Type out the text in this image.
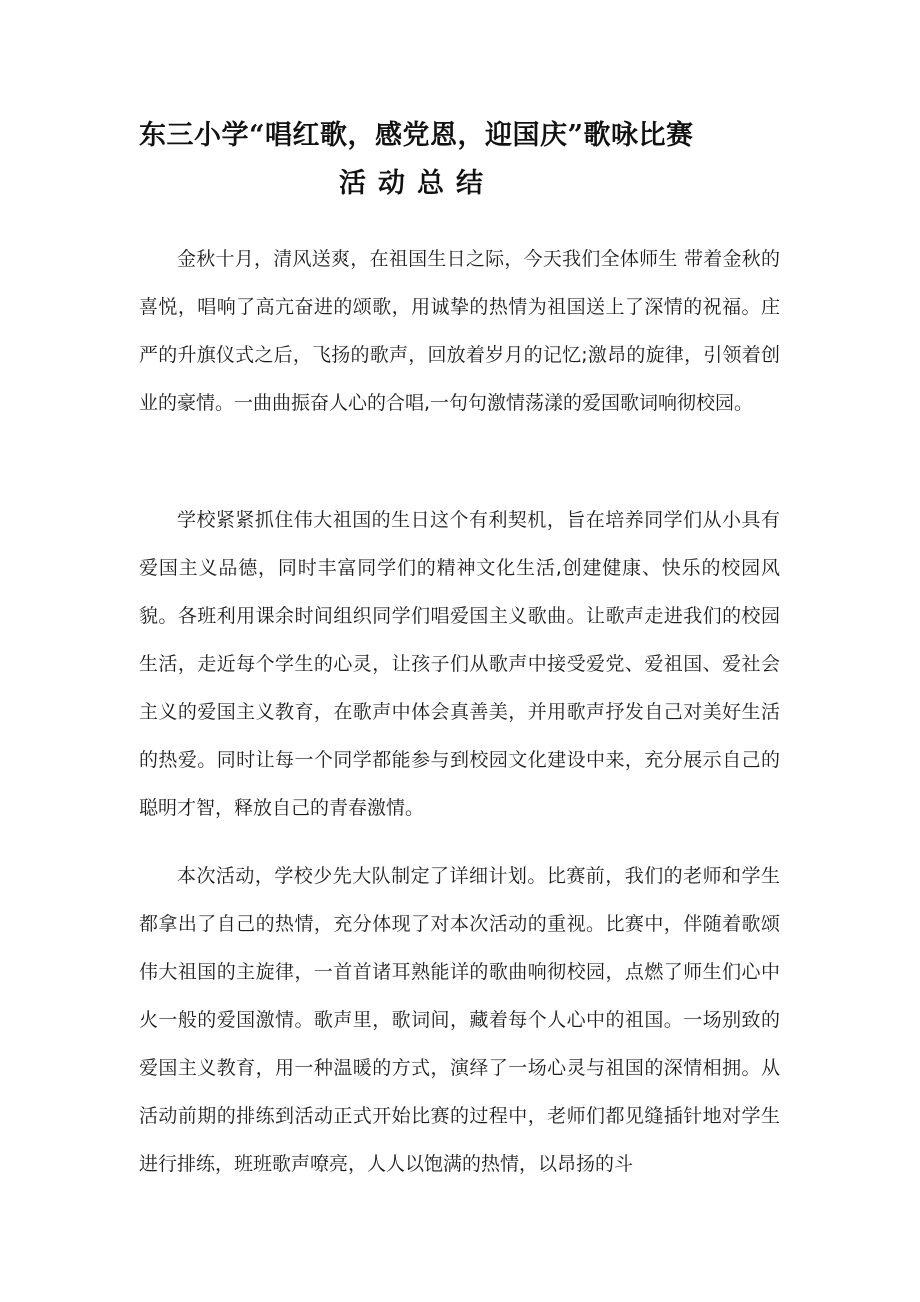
东三小学“唱红歌，感党恩，迎国庆”歌咏比赛
活动总结

金秋十月，清风送爽，在祖国生日之际，今天我们全体师生 带着金秋的喜悦，唱响了高亢奋进的颂歌，用诚挚的热情为祖国送上了深情的祝福。庄严的升旗仪式之后，飞扬的歌声，回放着岁月的记忆;激昂的旋律，引领着创业的豪情。一曲曲振奋人心的合唱,一句句激情荡漾的爱国歌词响彻校园。

学校紧紧抓住伟大祖国的生日这个有利契机，旨在培养同学们从小具有爱国主义品德，同时丰富同学们的精神文化生活,创建健康、快乐的校园风貌。各班利用课余时间组织同学们唱爱国主义歌曲。让歌声走进我们的校园生活，走近每个学生的心灵，让孩子们从歌声中接受爱党、爱祖国、爱社会主义的爱国主义教育，在歌声中体会真善美，并用歌声抒发自己对美好生活的热爱。同时让每一个同学都能参与到校园文化建设中来，充分展示自己的聪明才智，释放自己的青春激情。

本次活动，学校少先大队制定了详细计划。比赛前，我们的老师和学生都拿出了自己的热情，充分体现了对本次活动的重视。比赛中，伴随着歌颂伟大祖国的主旋律，一首首诸耳熟能详的歌曲响彻校园，点燃了师生们心中火一般的爱国激情。歌声里，歌词间，藏着每个人心中的祖国。一场别致的爱国主义教育，用一种温暖的方式，演绎了一场心灵与祖国的深情相拥。从活动前期的排练到活动正式开始比赛的过程中，老师们都见缝插针地对学生进行排练，班班歌声嘹亮，人人以饱满的热情，以昂扬的斗
